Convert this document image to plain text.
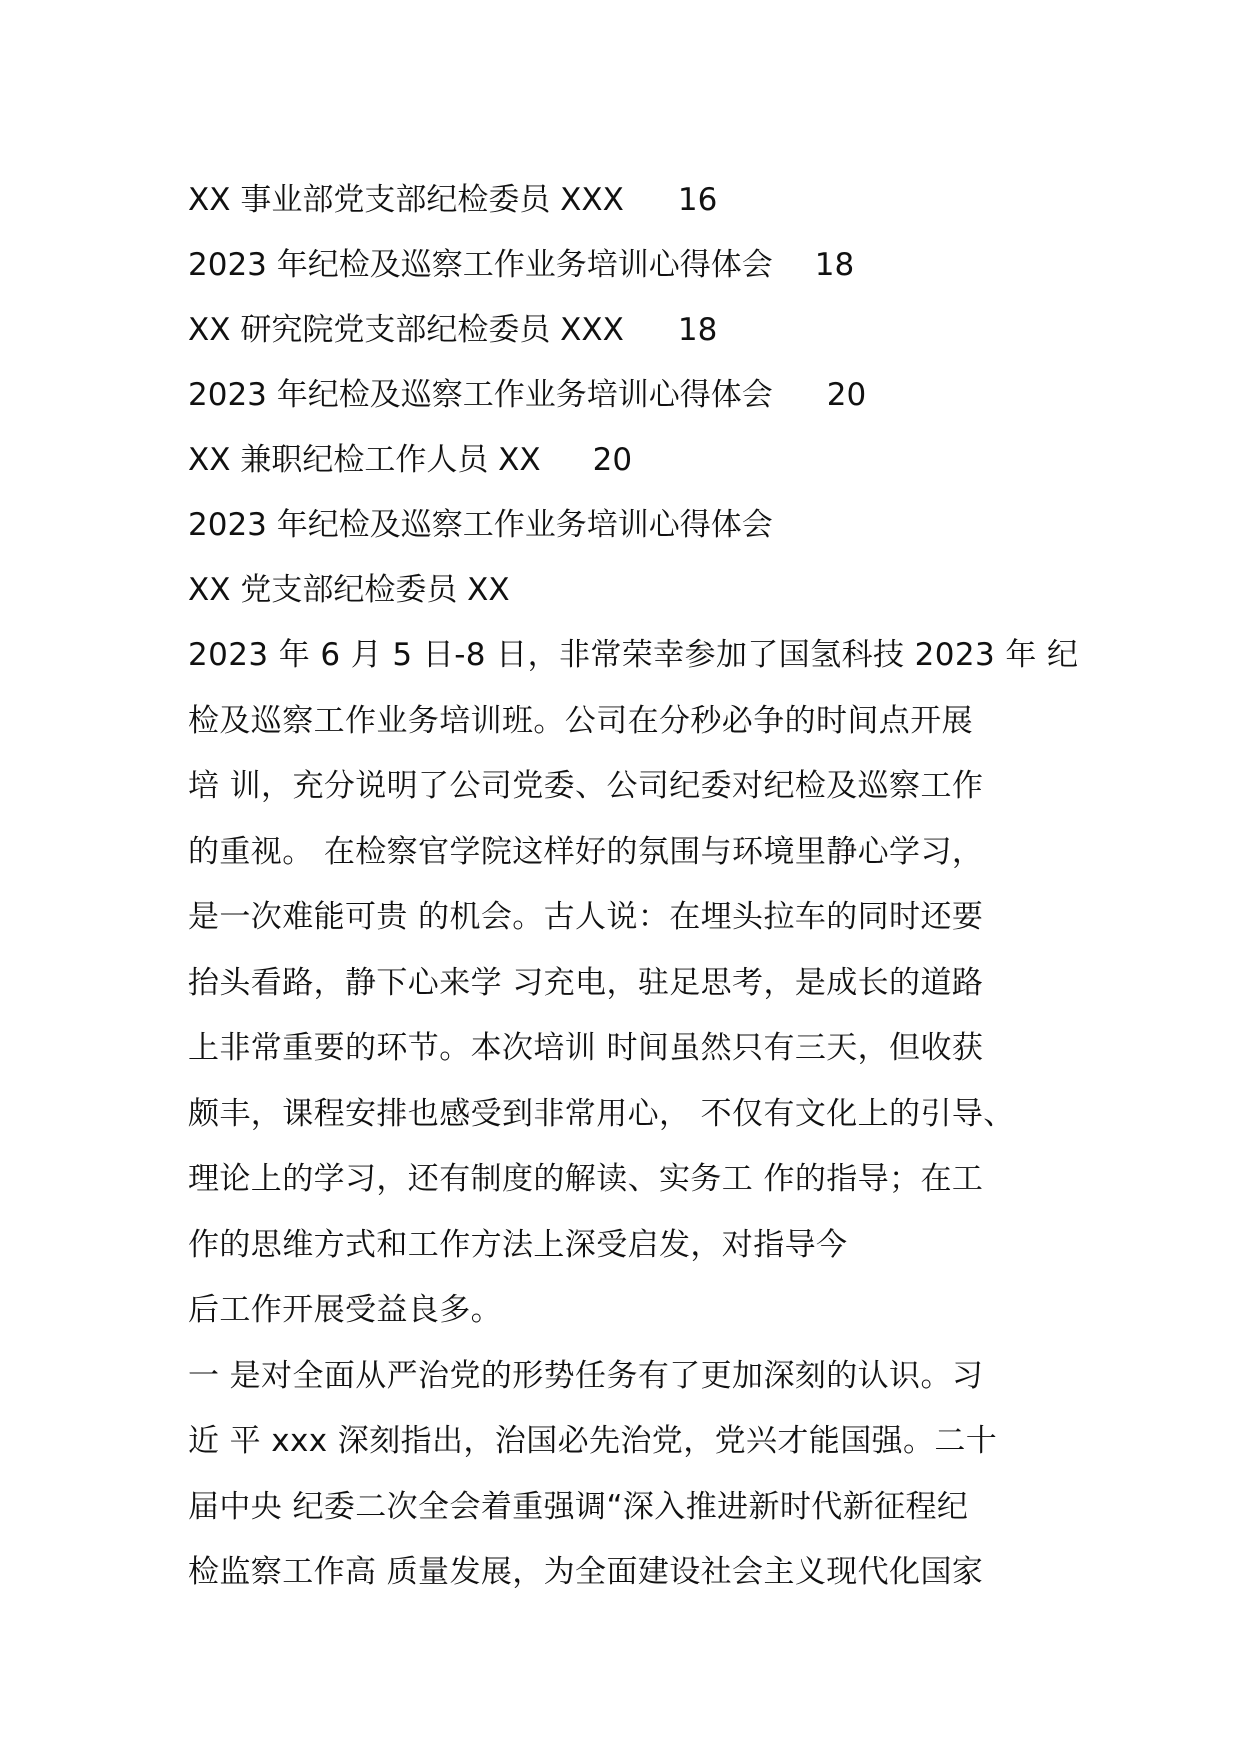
XX 事业部党支部纪检委员 XXX 16
2023 年纪检及巡察工作业务培训心得体会 18
XX 研究院党支部纪检委员 XXX 18
2023 年纪检及巡察工作业务培训心得体会 20
XX 兼职纪检工作人员 XX 20
2023 年纪检及巡察工作业务培训心得体会
XX 党支部纪检委员 XX
2023 年 6 月 5 日-8 日，非常荣幸参加了国氢科技 2023 年 纪
检及巡察工作业务培训班。公司在分秒必争的时间点开展
培 训，充分说明了公司党委、公司纪委对纪检及巡察工作
的重视。 在检察官学院这样好的氛围与环境里静心学习，
是一次难能可贵 的机会。古人说：在埋头拉车的同时还要
抬头看路，静下心来学 习充电，驻足思考，是成长的道路
上非常重要的环节。本次培训 时间虽然只有三天，但收获
颇丰，课程安排也感受到非常用心， 不仅有文化上的引导、
理论上的学习，还有制度的解读、实务工 作的指导；在工
作的思维方式和工作方法上深受启发，对指导今
后工作开展受益良多。
一 是对全面从严治党的形势任务有了更加深刻的认识。习
近 平 xxx 深刻指出，治国必先治党，党兴才能国强。二十
届中央 纪委二次全会着重强调“深入推进新时代新征程纪
检监察工作高 质量发展，为全面建设社会主义现代化国家
